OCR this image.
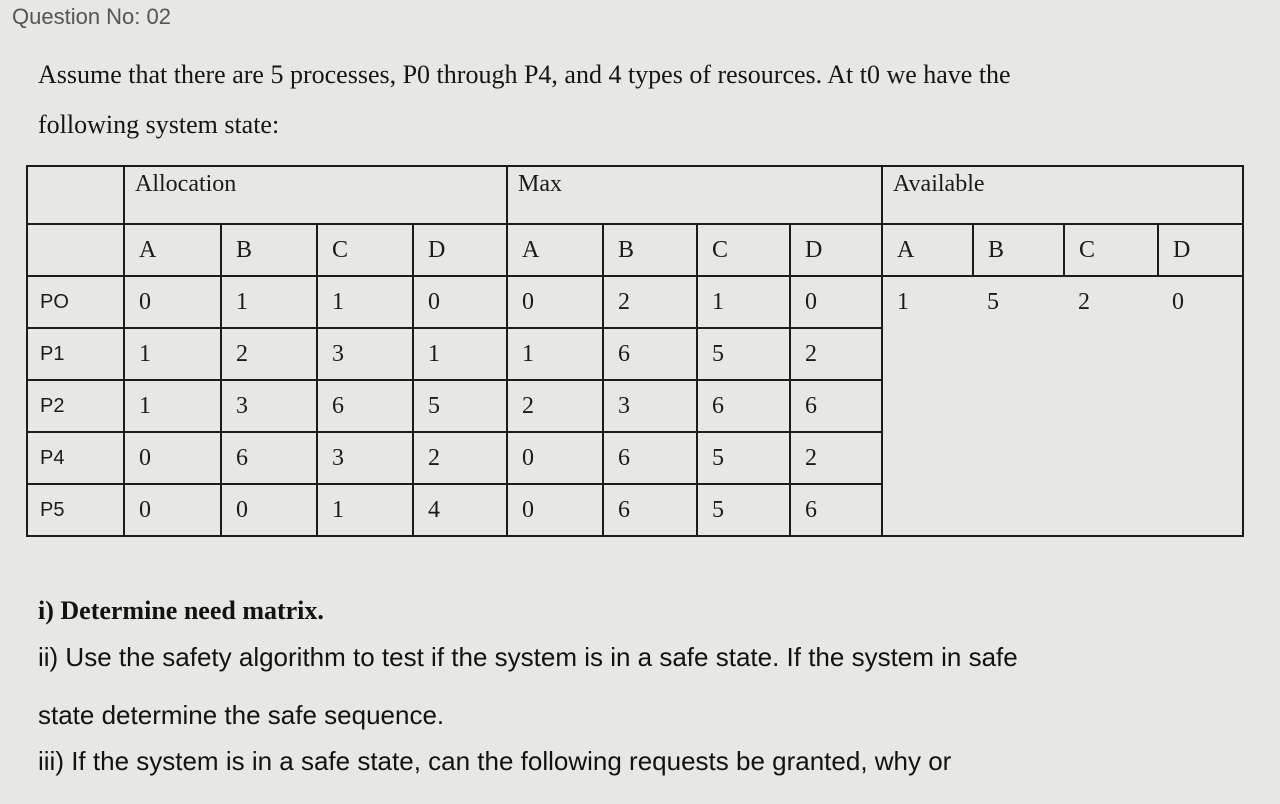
Question No: 02
Assume that there are 5 processes, P0 through P4, and 4 types of resources. At t0 we have the
following system state:
	Allocation				Max				Available			
	A	B	C	D	A	B	C	D	A	B	C	D
PO	0	1	1	0	0	2	1	0	1	5	2	0
P1	1	2	3	1	1	6	5	2				
P2	1	3	6	5	2	3	6	6				
P4	0	6	3	2	0	6	5	2				
P5	0	0	1	4	0	6	5	6				
i) Determine need matrix.
ii) Use the safety algorithm to test if the system is in a safe state. If the system in safe
state determine the safe sequence.
iii) If the system is in a safe state, can the following requests be granted, why or
